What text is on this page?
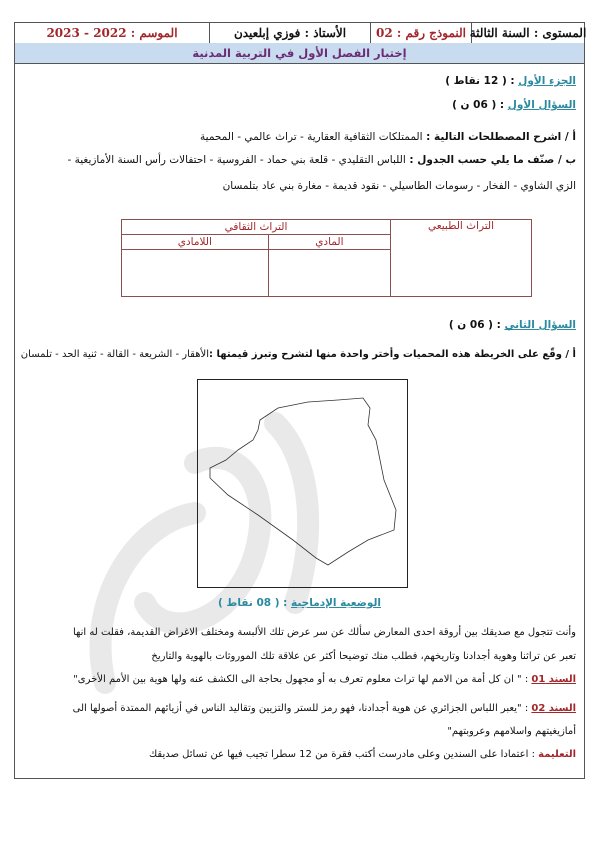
المستوى : السنة الثالثة
النموذج رقم : 02
الأستاذ : فوزي إبلعيدن
الموسم : 2022 - 2023
إختبار الفصل الأول في التربية المدنية
الجزء الأول : ( 12 نقاط )
السؤال الأول : ( 06 ن )
أ / اشرح المصطلحات التالية : الممتلكات الثقافية العقارية - تراث عالمي - المحمية
ب / صنّف ما يلي حسب الجدول : اللباس التقليدي - قلعة بني حماد - الفروسية - احتفالات رأس السنة الأمازيغية -
الزي الشاوي - الفخار - رسومات الطاسيلي - نقود قديمة - مغارة بني عاد بتلمسان
التراث الطبيعي	التراث الثقافي	
	المادي	اللامادي

السؤال الثاني : ( 06 ن )
أ / وقّع على الخريطة هذه المحميات وأختر واحدة منها لتشرح وتبرز قيمتها :الأهقار - الشريعة - القالة - ثنية الحد - تلمسان
الوضعية الإدماجية : ( 08 نقاط )
وأنت تتجول مع صديقك بين أروقة احدى المعارض سألك عن سر عرض تلك الألبسة ومختلف الاغراض القديمة، فقلت له انها
تعبر عن تراثنا وهوية أجدادنا وتاريخهم، فطلب منك توضيحا أكثر عن علاقة تلك الموروثات بالهوية والتاريخ
السند 01 : " ان كل أمة من الامم لها تراث معلوم تعرف به أو مجهول بحاجة الى الكشف عنه ولها هوية بين الأمم الأخرى"
السند 02 : "يعبر اللباس الجزائري عن هوية أجدادنا، فهو رمز للستر والتزيين وتقاليد الناس في أزيائهم الممتدة أصولها الى
أمازيغيتهم واسلامهم وعروبتهم"
التعليمة : اعتمادا على السندين وعلى مادرست أكتب فقرة من 12 سطرا تجيب فيها عن تسائل صديقك
